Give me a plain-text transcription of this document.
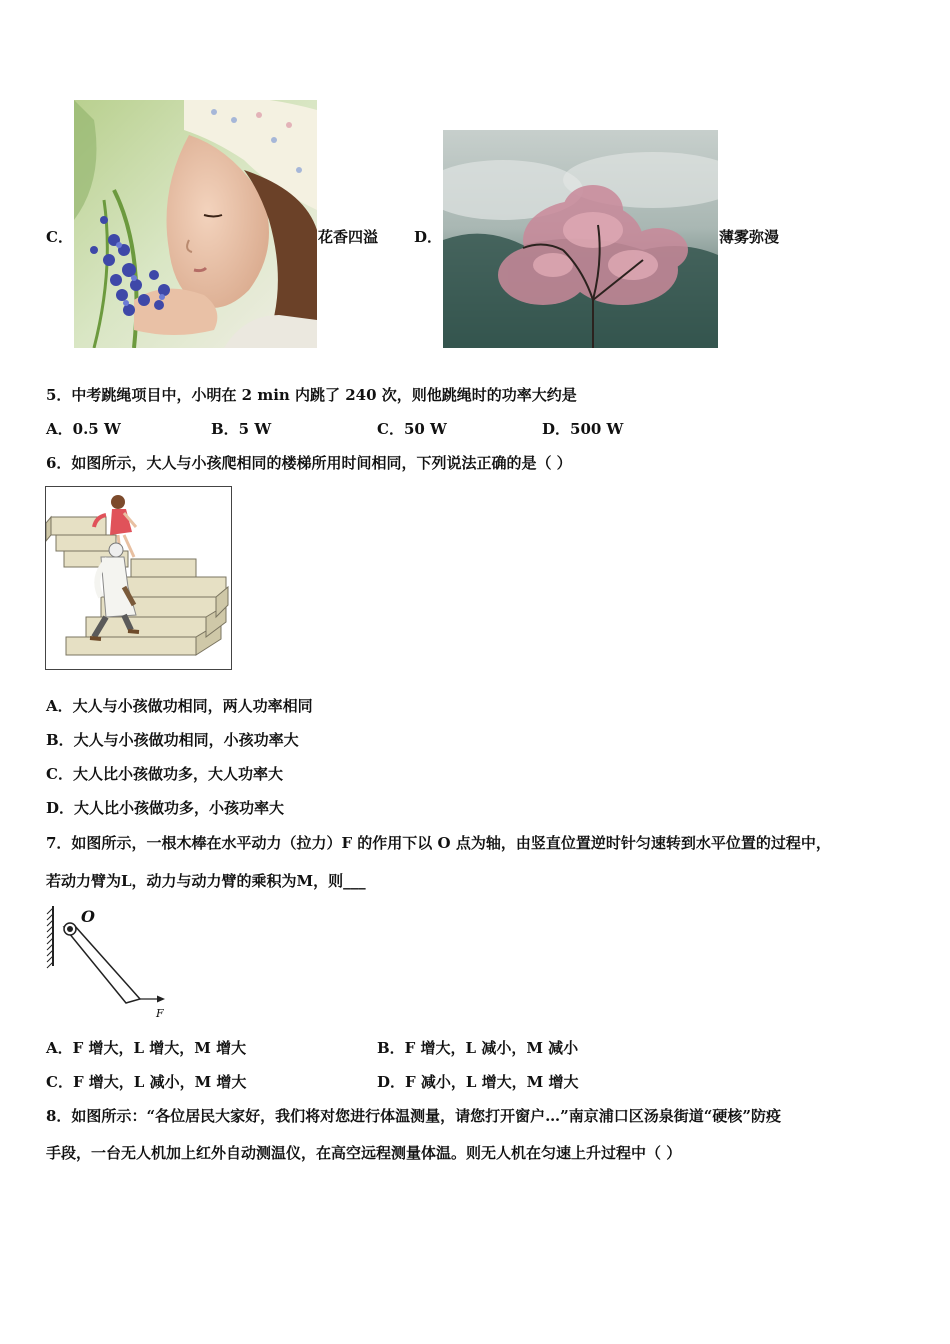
C．	花香四溢 D．	薄雾弥漫
5．中考跳绳项目中，小明在 2 min 内跳了 240 次，则他跳绳时的功率大约是
A．0.5 W	B．5 W	C．50 W	D．500 W
6．如图所示，大人与小孩爬相同的楼梯所用时间相同，下列说法正确的是（ ）
A．大人与小孩做功相同，两人功率相同
B．大人与小孩做功相同，小孩功率大
C．大人比小孩做功多，大人功率大
D．大人比小孩做功多，小孩功率大
7．如图所示，一根木棒在水平动力（拉力）F 的作用下以 O 点为轴，由竖直位置逆时针匀速转到水平位置的过程中，
若动力臂为L，动力与动力臂的乘积为M，则___
O
F
A．F 增大，L 增大，M 增大	B．F 增大，L 减小，M 减小
C．F 增大，L 减小，M 增大	D．F 减小，L 增大，M 增大
8．如图所示：“各位居民大家好，我们将对您进行体温测量，请您打开窗户…”南京浦口区汤泉街道“硬核”防疫
手段，一台无人机加上红外自动测温仪，在高空远程测量体温。则无人机在匀速上升过程中（ ）
